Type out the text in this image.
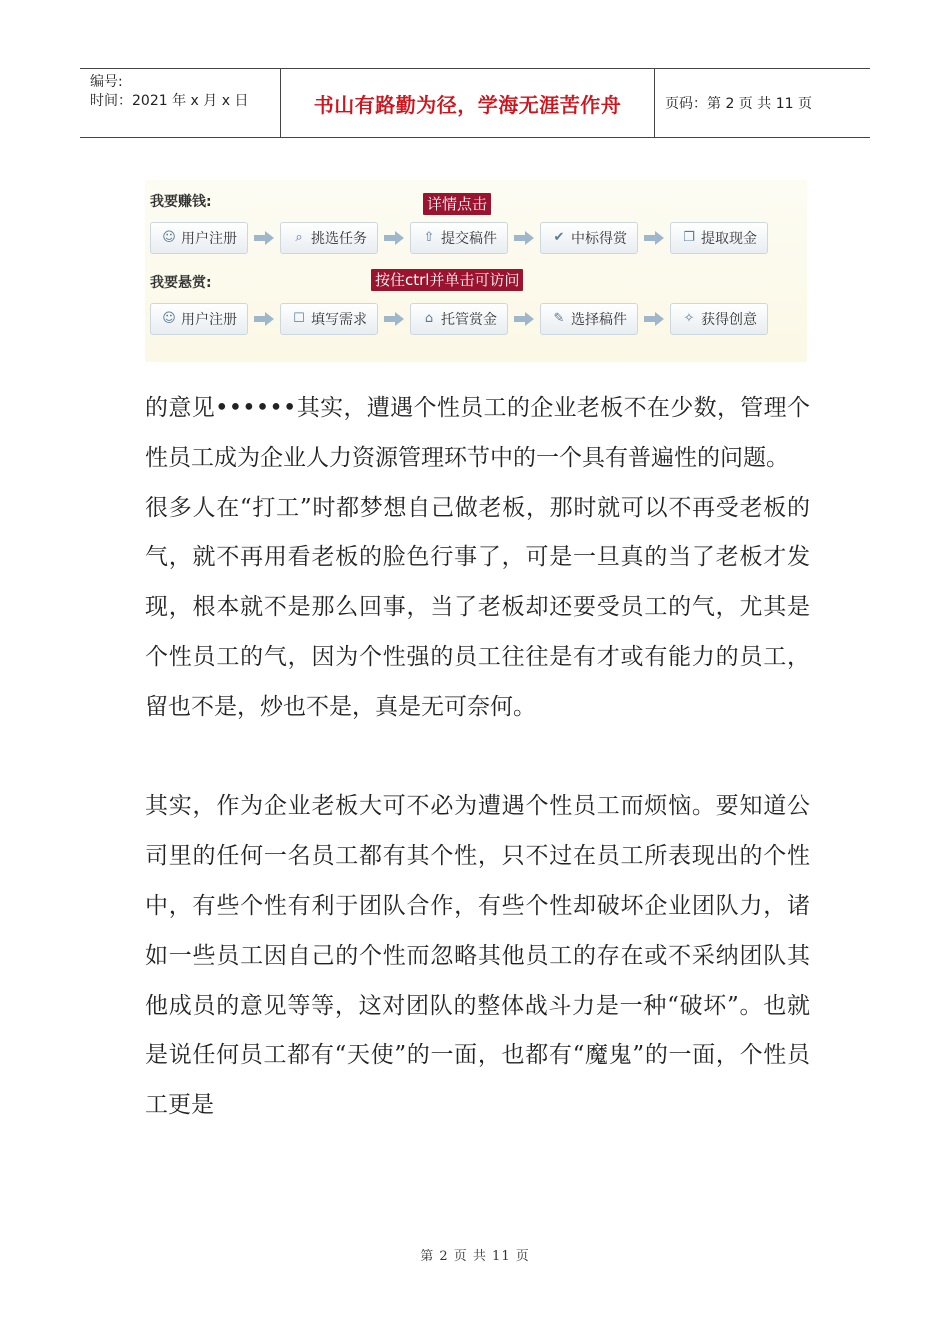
编号:
时间：2021 年 x 月 x 日	书山有路勤为径，学海无涯苦作舟	页码：第 2 页 共 11 页
我要赚钱:	详情点击
☺ 用户注册	⌕ 挑选任务	⇧ 提交稿件	✔ 中标得赏	❐ 提取现金
我要悬赏:	按住ctrl并单击可访问
☺ 用户注册	☐ 填写需求	⌂ 托管赏金	✎ 选择稿件	✧ 获得创意

的意见••••••其实，遭遇个性员工的企业老板不在少数，管理个性员工成为企业人力资源管理环节中的一个具有普遍性的问题。

很多人在“打工”时都梦想自己做老板，那时就可以不再受老板的气，就不再用看老板的脸色行事了，可是一旦真的当了老板才发现，根本就不是那么回事，当了老板却还要受员工的气，尤其是个性员工的气，因为个性强的员工往往是有才或有能力的员工，留也不是，炒也不是，真是无可奈何。

其实，作为企业老板大可不必为遭遇个性员工而烦恼。要知道公司里的任何一名员工都有其个性，只不过在员工所表现出的个性中，有些个性有利于团队合作，有些个性却破坏企业团队力，诸如一些员工因自己的个性而忽略其他员工的存在或不采纳团队其他成员的意见等等，这对团队的整体战斗力是一种“破坏”。也就是说任何员工都有“天使”的一面，也都有“魔鬼”的一面，个性员工更是

第 2 页 共 11 页
